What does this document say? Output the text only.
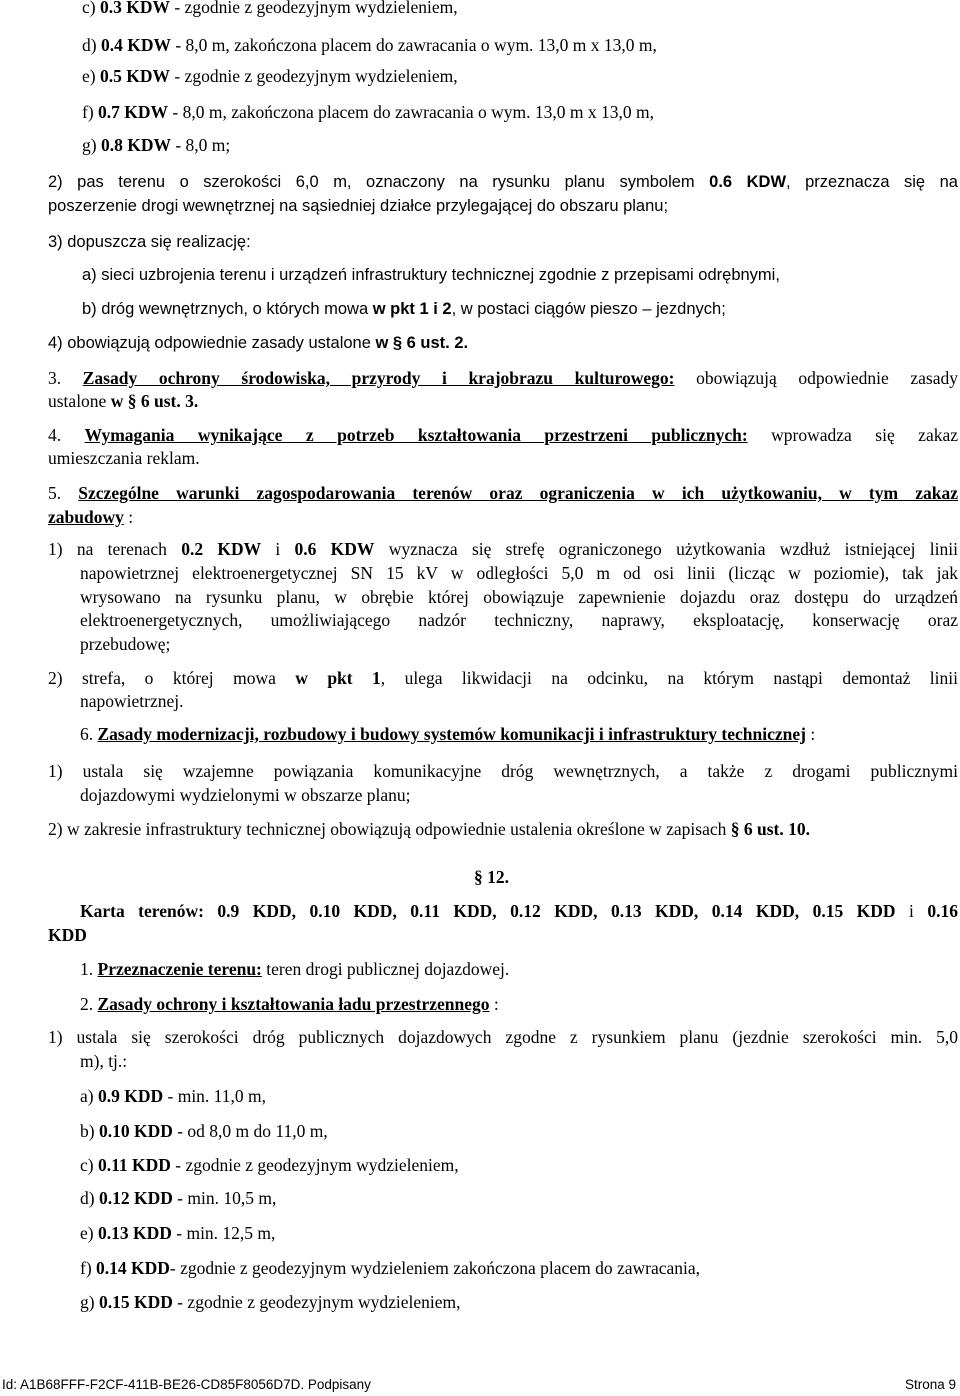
c) 0.3 KDW - zgodnie z geodezyjnym wydzieleniem,
d) 0.4 KDW - 8,0 m, zakończona placem do zawracania o wym. 13,0 m x 13,0 m,
e) 0.5 KDW - zgodnie z geodezyjnym wydzieleniem,
f) 0.7 KDW - 8,0 m, zakończona placem do zawracania o wym. 13,0 m x 13,0 m,
g) 0.8 KDW - 8,0 m;
2) pas terenu o szerokości 6,0 m, oznaczony na rysunku planu symbolem 0.6 KDW, przeznacza się na
poszerzenie drogi wewnętrznej na sąsiedniej działce przylegającej do obszaru planu;
3) dopuszcza się realizację:
a) sieci uzbrojenia terenu i urządzeń infrastruktury technicznej zgodnie z przepisami odrębnymi,
b) dróg wewnętrznych, o których mowa w pkt 1 i 2, w postaci ciągów pieszo – jezdnych;
4) obowiązują odpowiednie zasady ustalone w § 6 ust. 2.
3. Zasady ochrony środowiska, przyrody i krajobrazu kulturowego: obowiązują odpowiednie zasady
ustalone w § 6 ust. 3.
4. Wymagania wynikające z potrzeb kształtowania przestrzeni publicznych: wprowadza się zakaz
umieszczania reklam.
5. Szczególne warunki zagospodarowania terenów oraz ograniczenia w ich użytkowaniu, w tym zakaz
zabudowy :
1) na terenach 0.2 KDW i 0.6 KDW wyznacza się strefę ograniczonego użytkowania wzdłuż istniejącej linii
napowietrznej elektroenergetycznej SN 15 kV w odległości 5,0 m od osi linii (licząc w poziomie), tak jak
wrysowano na rysunku planu, w obrębie której obowiązuje zapewnienie dojazdu oraz dostępu do urządzeń
elektroenergetycznych, umożliwiającego nadzór techniczny, naprawy, eksploatację, konserwację oraz
przebudowę;
2) strefa, o której mowa w pkt 1, ulega likwidacji na odcinku, na którym nastąpi demontaż linii
napowietrznej.
6. Zasady modernizacji, rozbudowy i budowy systemów komunikacji i infrastruktury technicznej :
1) ustala się wzajemne powiązania komunikacyjne dróg wewnętrznych, a także z drogami publicznymi
dojazdowymi wydzielonymi w obszarze planu;
2) w zakresie infrastruktury technicznej obowiązują odpowiednie ustalenia określone w zapisach § 6 ust. 10.
§ 12.
Karta terenów: 0.9 KDD, 0.10 KDD, 0.11 KDD, 0.12 KDD, 0.13 KDD, 0.14 KDD, 0.15 KDD i 0.16
KDD
1. Przeznaczenie terenu: teren drogi publicznej dojazdowej.
2. Zasady ochrony i kształtowania ładu przestrzennego :
1) ustala się szerokości dróg publicznych dojazdowych zgodne z rysunkiem planu (jezdnie szerokości min. 5,0
m), tj.:
a) 0.9 KDD - min. 11,0 m,
b) 0.10 KDD - od 8,0 m do 11,0 m,
c) 0.11 KDD - zgodnie z geodezyjnym wydzieleniem,
d) 0.12 KDD - min. 10,5 m,
e) 0.13 KDD - min. 12,5 m,
f) 0.14 KDD- zgodnie z geodezyjnym wydzieleniem zakończona placem do zawracania,
g) 0.15 KDD - zgodnie z geodezyjnym wydzieleniem,
Id: A1B68FFF-F2CF-411B-BE26-CD85F8056D7D. Podpisany	Strona 9
